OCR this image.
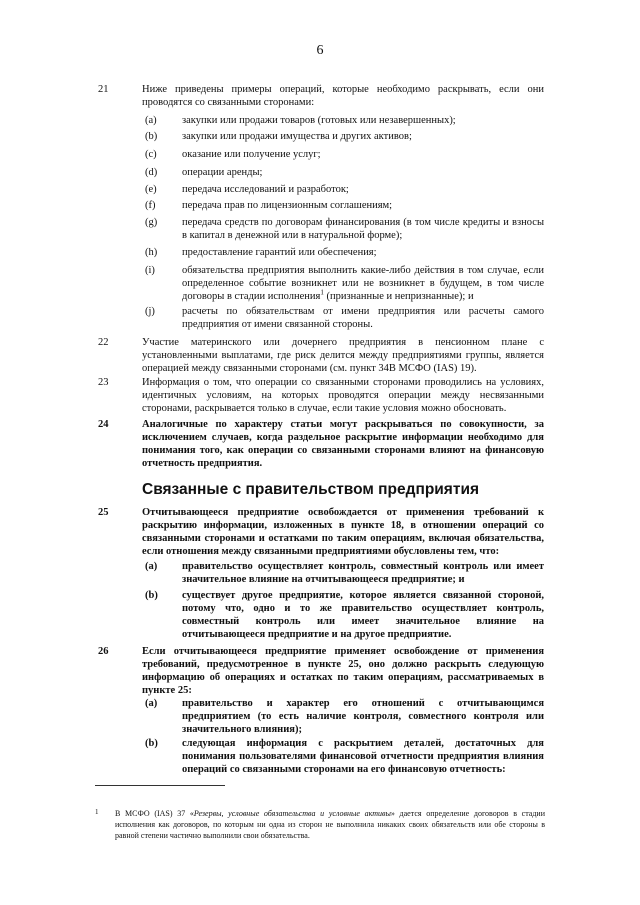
6
21	Ниже приведены примеры операций, которые необходимо раскрывать, если они проводятся со связанными сторонами:
(a) закупки или продажи товаров (готовых или незавершенных);
(b) закупки или продажи имущества и других активов;
(c) оказание или получение услуг;
(d) операции аренды;
(e) передача исследований и разработок;
(f)	передача прав по лицензионным соглашениям;
(g) передача средств по договорам финансирования (в том числе кредиты и взносы в капитал в денежной или в натуральной форме);
(h) предоставление гарантий или обеспечения;
(i)	обязательства предприятия выполнить какие-либо действия в том случае, если определенное событие возникнет или не возникнет в будущем, в том числе договоры в стадии исполнения$^1$ (признанные и непризнанные); и
(j)	расчеты по обязательствам от имени предприятия или расчеты самого предприятия от имени связанной стороны.
22	Участие материнского или дочернего предприятия в пенсионном плане с установленными выплатами, где риск делится между предприятиями группы, является операцией между связанными сторонами (см. пункт 34В МСФО (IAS) 19).
23	Информация о том, что операции со связанными сторонами проводились на условиях, идентичных условиям, на которых проводятся операции между несвязанными сторонами, раскрывается только в случае, если такие условия можно обосновать.
24	Аналогичные по характеру статьи могут раскрываться по совокупности, за исключением случаев, когда раздельное раскрытие информации необходимо для понимания того, как операции со связанными сторонами влияют на финансовую отчетность предприятия.
Связанные с правительством предприятия
25	Отчитывающееся предприятие освобождается от применения требований к раскрытию информации, изложенных в пункте 18, в отношении операций со связанными сторонами и остатками по таким операциям, включая обязательства, если отношения между связанными предприятиями обусловлены тем, что:
(a) правительство осуществляет контроль, совместный контроль или имеет значительное влияние на отчитывающееся предприятие; и
(b) существует другое предприятие, которое является связанной стороной, потому что, одно и то же правительство осуществляет контроль, совместный контроль или имеет значительное влияние на отчитывающееся предприятие и на другое предприятие.
26	Если отчитывающееся предприятие применяет освобождение от применения требований, предусмотренное в пункте 25, оно должно раскрыть следующую информацию об операциях и остатках по таким операциям, рассматриваемых в пункте 25:
(a) правительство и характер его отношений с отчитывающимся предприятием (то есть наличие контроля, совместного контроля или значительного влияния);
(b) следующая информация с раскрытием деталей, достаточных для понимания пользователями финансовой отчетности предприятия влияния операций со связанными сторонами на его финансовую отчетность:
1 В МСФО (IAS) 37 «Резервы, условные обязательства и условные активы» дается определение договоров в стадии исполнения как договоров, по которым ни одна из сторон не выполнила никаких своих обязательств или обе стороны в равной степени частично выполнили свои обязательства.
